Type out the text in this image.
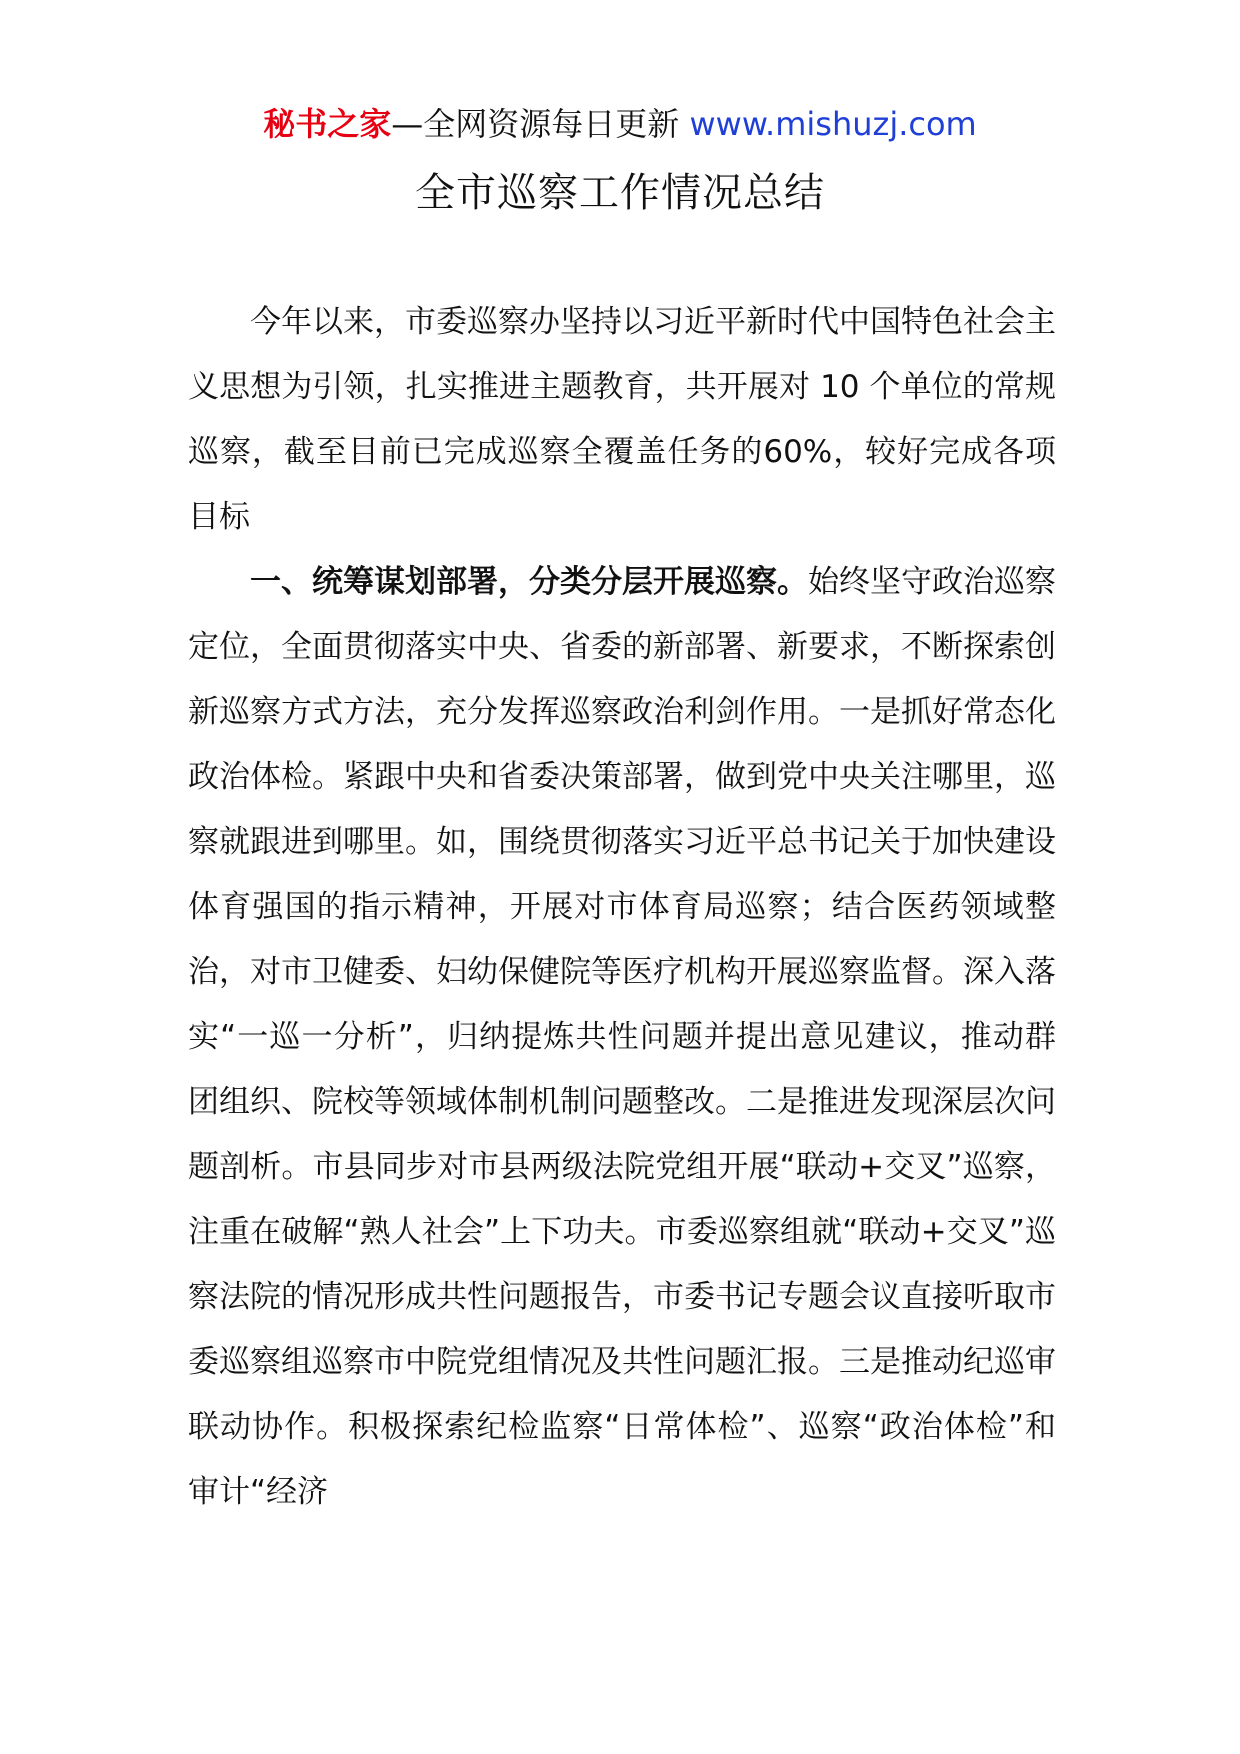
秘书之家—全网资源每日更新 www.mishuzj.com
全市巡察工作情况总结

今年以来，市委巡察办坚持以习近平新时代中国特色社会主义思想为引领，扎实推进主题教育，共开展对 10 个单位的常规巡察，截至目前已完成巡察全覆盖任务的60%，较好完成各项目标

一、统筹谋划部署，分类分层开展巡察。始终坚守政治巡察定位，全面贯彻落实中央、省委的新部署、新要求，不断探索创新巡察方式方法，充分发挥巡察政治利剑作用。一是抓好常态化政治体检。紧跟中央和省委决策部署，做到党中央关注哪里，巡察就跟进到哪里。如，围绕贯彻落实习近平总书记关于加快建设体育强国的指示精神，开展对市体育局巡察；结合医药领域整治，对市卫健委、妇幼保健院等医疗机构开展巡察监督。深入落实“一巡一分析”，归纳提炼共性问题并提出意见建议，推动群团组织、院校等领域体制机制问题整改。二是推进发现深层次问题剖析。市县同步对市县两级法院党组开展“联动+交叉”巡察，注重在破解“熟人社会”上下功夫。市委巡察组就“联动+交叉”巡察法院的情况形成共性问题报告，市委书记专题会议直接听取市委巡察组巡察市中院党组情况及共性问题汇报。三是推动纪巡审联动协作。积极探索纪检监察“日常体检”、巡察“政治体检”和审计“经济
